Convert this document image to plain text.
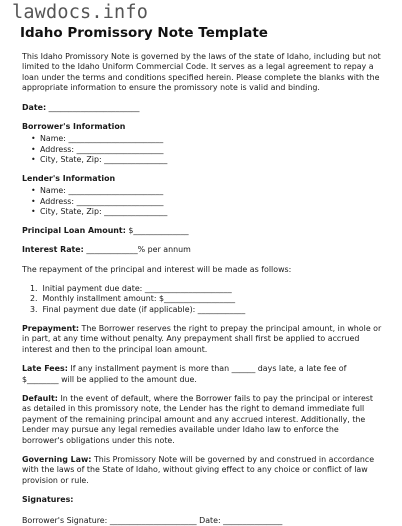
lawdocs.info
Idaho Promissory Note Template

This Idaho Promissory Note is governed by the laws of the state of Idaho, including but not limited to the Idaho Uniform Commercial Code. It serves as a legal agreement to repay a loan under the terms and conditions specified herein. Please complete the blanks with the appropriate information to ensure the promissory note is valid and binding.

Date: _______________________

Borrower's Information

• Name: ________________________
• Address: ______________________
• City, State, Zip: ________________

Lender's Information

• Name: ________________________
• Address: ______________________
• City, State, Zip: ________________

Principal Loan Amount: $______________

Interest Rate: _____________% per annum

The repayment of the principal and interest will be made as follows:

1. Initial payment due date: ______________________
2. Monthly installment amount: $__________________
3. Final payment due date (if applicable): ____________

Prepayment: The Borrower reserves the right to prepay the principal amount, in whole or in part, at any time without penalty. Any prepayment shall first be applied to accrued interest and then to the principal loan amount.

Late Fees: If any installment payment is more than ______ days late, a late fee of $________ will be applied to the amount due.

Default: In the event of default, where the Borrower fails to pay the principal or interest as detailed in this promissory note, the Lender has the right to demand immediate full payment of the remaining principal amount and any accrued interest. Additionally, the Lender may pursue any legal remedies available under Idaho law to enforce the borrower's obligations under this note.

Governing Law: This Promissory Note will be governed by and construed in accordance with the laws of the State of Idaho, without giving effect to any choice or conflict of law provision or rule.

Signatures:

Borrower's Signature: ______________________ Date: _______________
